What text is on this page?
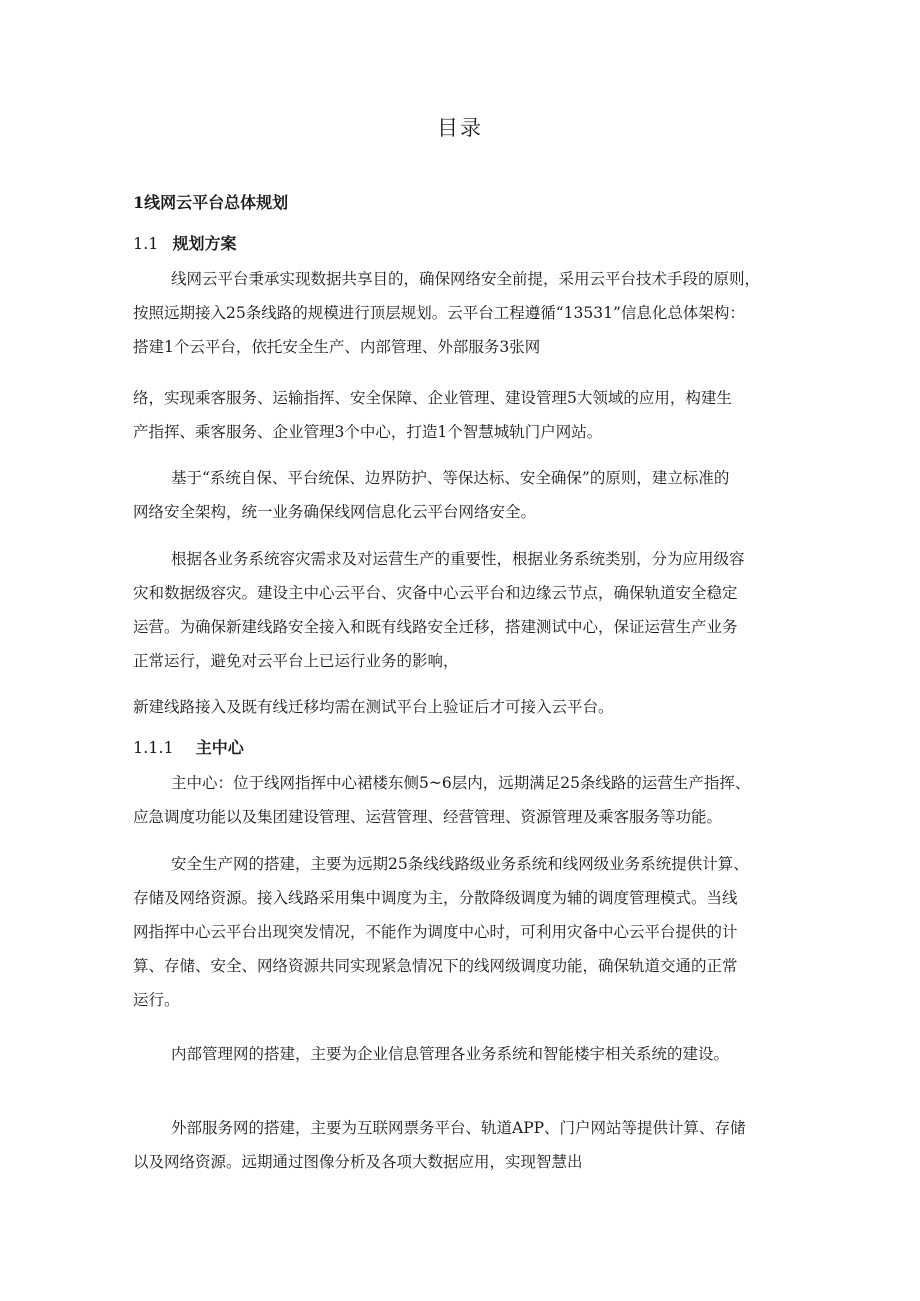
目录
1线网云平台总体规划
1.1 规划方案
线网云平台秉承实现数据共享目的，确保网络安全前提，采用云平台技术手段的原则，
按照远期接入25条线路的规模进行顶层规划。云平台工程遵循“13531”信息化总体架构：
搭建1个云平台，依托安全生产、内部管理、外部服务3张网
络，实现乘客服务、运输指挥、安全保障、企业管理、建设管理5大领域的应用，构建生
产指挥、乘客服务、企业管理3个中心，打造1个智慧城轨门户网站。
基于“系统自保、平台统保、边界防护、等保达标、安全确保”的原则，建立标准的
网络安全架构，统一业务确保线网信息化云平台网络安全。
根据各业务系统容灾需求及对运营生产的重要性，根据业务系统类别，分为应用级容
灾和数据级容灾。建设主中心云平台、灾备中心云平台和边缘云节点，确保轨道安全稳定
运营。为确保新建线路安全接入和既有线路安全迁移，搭建测试中心，保证运营生产业务
正常运行，避免对云平台上已运行业务的影响，
新建线路接入及既有线迁移均需在测试平台上验证后才可接入云平台。
1.1.1 主中心
主中心：位于线网指挥中心裙楼东侧5~6层内，远期满足25条线路的运营生产指挥、
应急调度功能以及集团建设管理、运营管理、经营管理、资源管理及乘客服务等功能。
安全生产网的搭建，主要为远期25条线线路级业务系统和线网级业务系统提供计算、
存储及网络资源。接入线路采用集中调度为主，分散降级调度为辅的调度管理模式。当线
网指挥中心云平台出现突发情况，不能作为调度中心时，可利用灾备中心云平台提供的计
算、存储、安全、网络资源共同实现紧急情况下的线网级调度功能，确保轨道交通的正常
运行。
内部管理网的搭建，主要为企业信息管理各业务系统和智能楼宇相关系统的建设。
外部服务网的搭建，主要为互联网票务平台、轨道APP、门户网站等提供计算、存储
以及网络资源。远期通过图像分析及各项大数据应用，实现智慧出
